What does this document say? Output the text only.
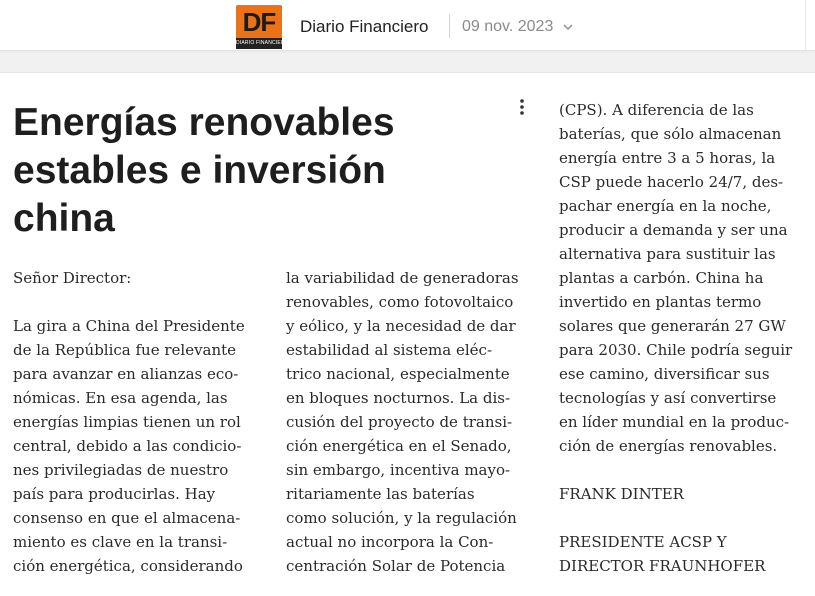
DF
DIARIO FINANCIERO
Diario Financiero 09 nov. 2023
Energías renovables
estables e inversión
china

Señor Director:

La gira a China del Presidente

de la República fue relevante

para avanzar en alianzas eco-

nómicas. En esa agenda, las

energías limpias tienen un rol

central, debido a las condicio-

nes privilegiadas de nuestro

país para producirlas. Hay

consenso en que el almacena-

miento es clave en la transi-

ción energética, considerando

la variabilidad de generadoras

renovables, como fotovoltaico

y eólico, y la necesidad de dar

estabilidad al sistema eléc-

trico nacional, especialmente

en bloques nocturnos. La dis-

cusión del proyecto de transi-

ción energética en el Senado,

sin embargo, incentiva mayo-

ritariamente las baterías

como solución, y la regulación

actual no incorpora la Con-

centración Solar de Potencia

(CPS). A diferencia de las

baterías, que sólo almacenan

energía entre 3 a 5 horas, la

CSP puede hacerlo 24/7, des-

pachar energía en la noche,

producir a demanda y ser una

alternativa para sustituir las

plantas a carbón. China ha

invertido en plantas termo

solares que generarán 27 GW

para 2030. Chile podría seguir

ese camino, diversificar sus

tecnologías y así convertirse

en líder mundial en la produc-

ción de energías renovables.

FRANK DINTER

PRESIDENTE ACSP Y

DIRECTOR FRAUNHOFER
